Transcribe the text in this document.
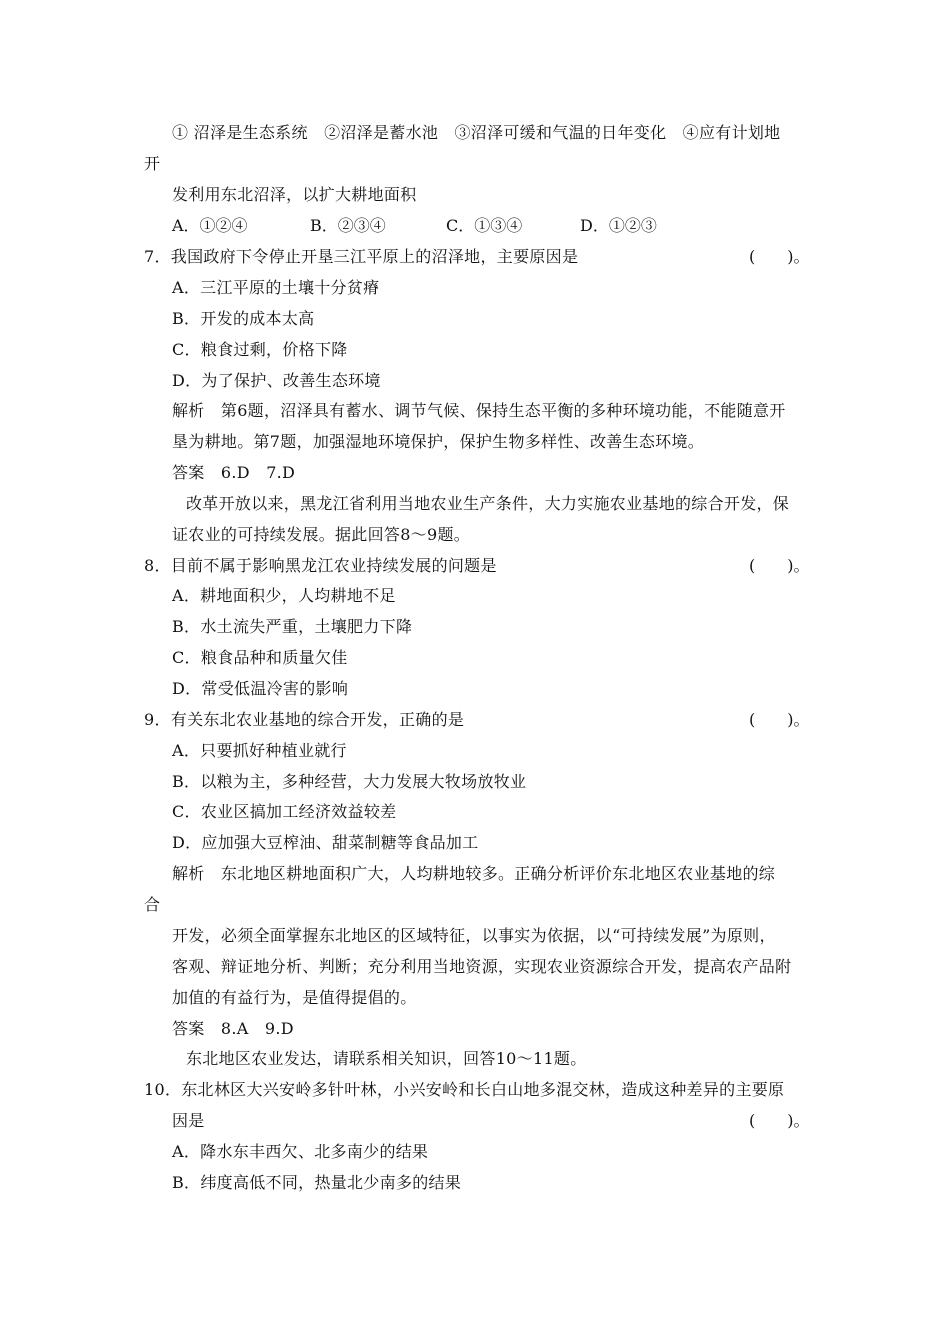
① 沼泽是生态系统　②沼泽是蓄水池　③沼泽可缓和气温的日年变化　④应有计划地
开
发利用东北沼泽，以扩大耕地面积
A．①②④	B．②③④	C．①③④	D．①②③
7．我国政府下令停止开垦三江平原上的沼泽地，主要原因是	(　　)。
A．三江平原的土壤十分贫瘠
B．开发的成本太高
C．粮食过剩，价格下降
D．为了保护、改善生态环境
解析　第6题，沼泽具有蓄水、调节气候、保持生态平衡的多种环境功能，不能随意开
垦为耕地。第7题，加强湿地环境保护，保护生物多样性、改善生态环境。
答案　6.D　7.D
改革开放以来，黑龙江省利用当地农业生产条件，大力实施农业基地的综合开发，保
证农业的可持续发展。据此回答8～9题。
8．目前不属于影响黑龙江农业持续发展的问题是	(　　)。
A．耕地面积少，人均耕地不足
B．水土流失严重，土壤肥力下降
C．粮食品种和质量欠佳
D．常受低温冷害的影响
9．有关东北农业基地的综合开发，正确的是	(　　)。
A．只要抓好种植业就行
B．以粮为主，多种经营，大力发展大牧场放牧业
C．农业区搞加工经济效益较差
D．应加强大豆榨油、甜菜制糖等食品加工
解析　东北地区耕地面积广大，人均耕地较多。正确分析评价东北地区农业基地的综
合
开发，必须全面掌握东北地区的区域特征，以事实为依据，以“可持续发展”为原则，
客观、辩证地分析、判断；充分利用当地资源，实现农业资源综合开发，提高农产品附
加值的有益行为，是值得提倡的。
答案　8.A　9.D
东北地区农业发达，请联系相关知识，回答10～11题。
10．东北林区大兴安岭多针叶林，小兴安岭和长白山地多混交林，造成这种差异的主要原
因是	(　　)。
A．降水东丰西欠、北多南少的结果
B．纬度高低不同，热量北少南多的结果
